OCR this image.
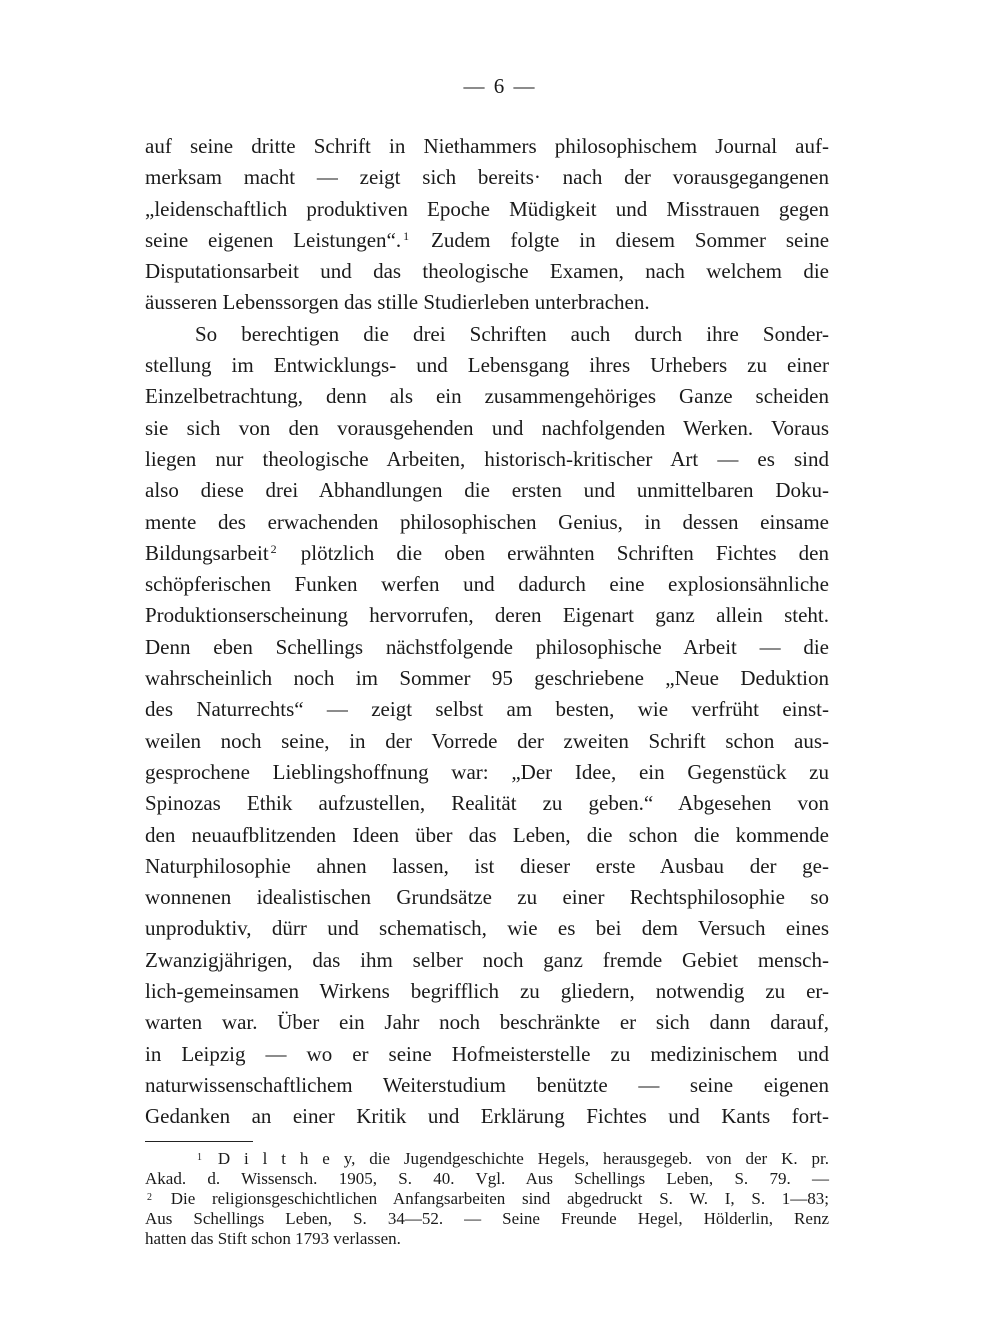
— 6 —
auf seine dritte Schrift in Niethammers philosophischem Journal auf-
merksam macht — zeigt sich bereits· nach der vorausgegangenen
„leidenschaftlich produktiven Epoche Müdigkeit und Misstrauen gegen
seine eigenen Leistungen“. $^1$ Zudem folgte in diesem Sommer seine
Disputationsarbeit und das theologische Examen, nach welchem die
äusseren Lebenssorgen das stille Studierleben unterbrachen.
So berechtigen die drei Schriften auch durch ihre Sonder-
stellung im Entwicklungs- und Lebensgang ihres Urhebers zu einer
Einzelbetrachtung, denn als ein zusammengehöriges Ganze scheiden
sie sich von den vorausgehenden und nachfolgenden Werken. Voraus
liegen nur theologische Arbeiten, historisch-kritischer Art — es sind
also diese drei Abhandlungen die ersten und unmittelbaren Doku-
mente des erwachenden philosophischen Genius, in dessen einsame
Bildungsarbeit $^2$ plötzlich die oben erwähnten Schriften Fichtes den
schöpferischen Funken werfen und dadurch eine explosionsähnliche
Produktionserscheinung hervorrufen, deren Eigenart ganz allein steht.
Denn eben Schellings nächstfolgende philosophische Arbeit — die
wahrscheinlich noch im Sommer 95 geschriebene „Neue Deduktion
des Naturrechts“ — zeigt selbst am besten, wie verfrüht einst-
weilen noch seine, in der Vorrede der zweiten Schrift schon aus-
gesprochene Lieblingshoffnung war: „Der Idee, ein Gegenstück zu
Spinozas Ethik aufzustellen, Realität zu geben.“ Abgesehen von
den neuaufblitzenden Ideen über das Leben, die schon die kommende
Naturphilosophie ahnen lassen, ist dieser erste Ausbau der ge-
wonnenen idealistischen Grundsätze zu einer Rechtsphilosophie so
unproduktiv, dürr und schematisch, wie es bei dem Versuch eines
Zwanzigjährigen, das ihm selber noch ganz fremde Gebiet mensch-
lich-gemeinsamen Wirkens begrifflich zu gliedern, notwendig zu er-
warten war. Über ein Jahr noch beschränkte er sich dann darauf,
in Leipzig — wo er seine Hofmeisterstelle zu medizinischem und
naturwissenschaftlichem Weiterstudium benützte — seine eigenen
Gedanken an einer Kritik und Erklärung Fichtes und Kants fort-
$^1$ D i l t h e y, die Jugendgeschichte Hegels, herausgegeb. von der K. pr.
Akad. d. Wissensch. 1905, S. 40. Vgl. Aus Schellings Leben, S. 79. —
$^2$ Die religionsgeschichtlichen Anfangsarbeiten sind abgedruckt S. W. I, S. 1—83;
Aus Schellings Leben, S. 34—52. — Seine Freunde Hegel, Hölderlin, Renz
hatten das Stift schon 1793 verlassen.
